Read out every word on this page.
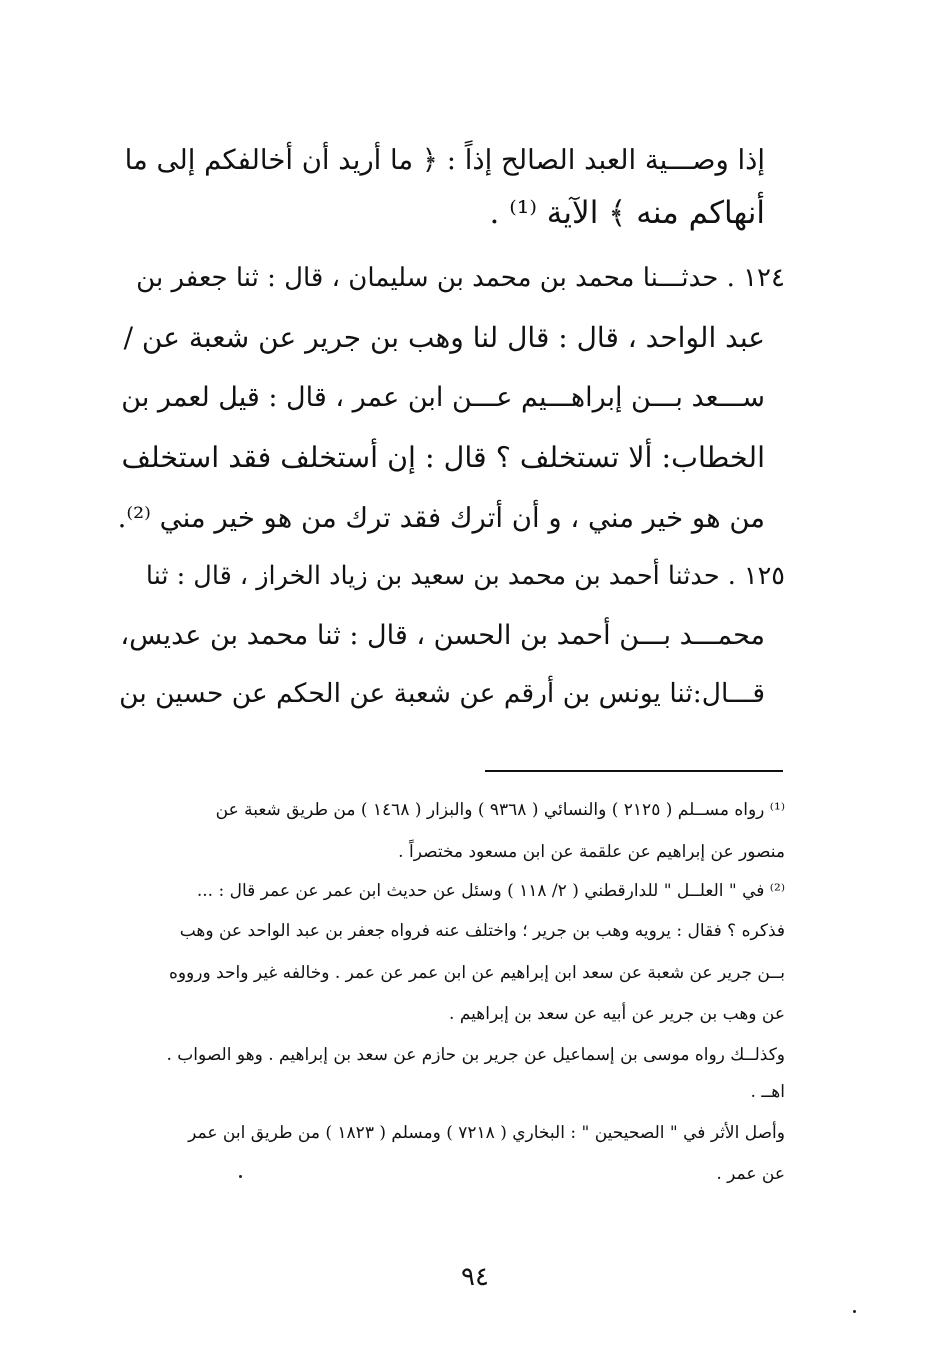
إذا وصـــية العبد الصالح إذاً : ﴿ ما أريد أن أخالفكم إلى ما

أنهاكم منه ﴾ الآية ⁽¹⁾ .

١٢٤ . حدثـــنا محمد بن محمد بن سليمان ، قال : ثنا جعفر بن

عبد الواحد ، قال : قال لنا وهب بن جرير عن شعبة عن /

ســـعد بـــن إبراهـــيم عـــن ابن عمر ، قال : قيل لعمر بن

الخطاب: ألا تستخلف ؟ قال : إن أستخلف فقد استخلف

من هو خير مني ، و أن أترك فقد ترك من هو خير مني ⁽²⁾.

١٢٥ . حدثنا أحمد بن محمد بن سعيد بن زياد الخراز ، قال : ثنا

محمـــد بـــن أحمد بن الحسن ، قال : ثنا محمد بن عديس،

قـــال:ثنا يونس بن أرقم عن شعبة عن الحكم عن حسين بن

⁽¹⁾ رواه مســلم ( ٢١٢٥ ) والنسائي ( ٩٣٦٨ ) والبزار ( ١٤٦٨ ) من طريق شعبة عن

منصور عن إبراهيم عن علقمة عن ابن مسعود مختصراً .

⁽²⁾ في " العلــل " للدارقطني ( ٢/ ١١٨ ) وسئل عن حديث ابن عمر عن عمر قال : ...

فذكره ؟ فقال : يرويه وهب بن جرير ؛ واختلف عنه فرواه جعفر بن عبد الواحد عن وهب

بــن جرير عن شعبة عن سعد ابن إبراهيم عن ابن عمر عن عمر . وخالفه غير واحد ورووه

عن وهب بن جرير عن أبيه عن سعد بن إبراهيم .

وكذلــك رواه موسى بن إسماعيل عن جرير بن حازم عن سعد بن إبراهيم . وهو الصواب .

اهــ .

وأصل الأثر في " الصحيحين " : البخاري ( ٧٢١٨ ) ومسلم ( ١٨٢٣ ) من طريق ابن عمر

عن عمر .

٩٤
